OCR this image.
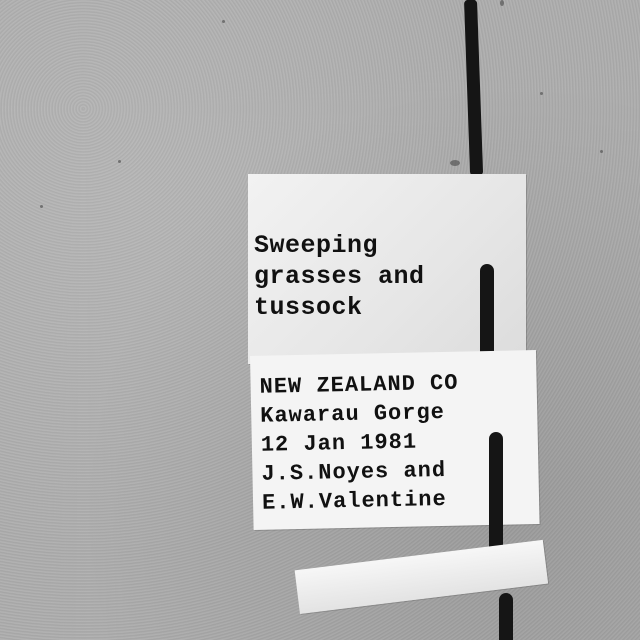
Sweeping
grasses and
tussock
NEW ZEALAND CO
Kawarau Gorge
12 Jan 1981
J.S.Noyes and
E.W.Valentine
